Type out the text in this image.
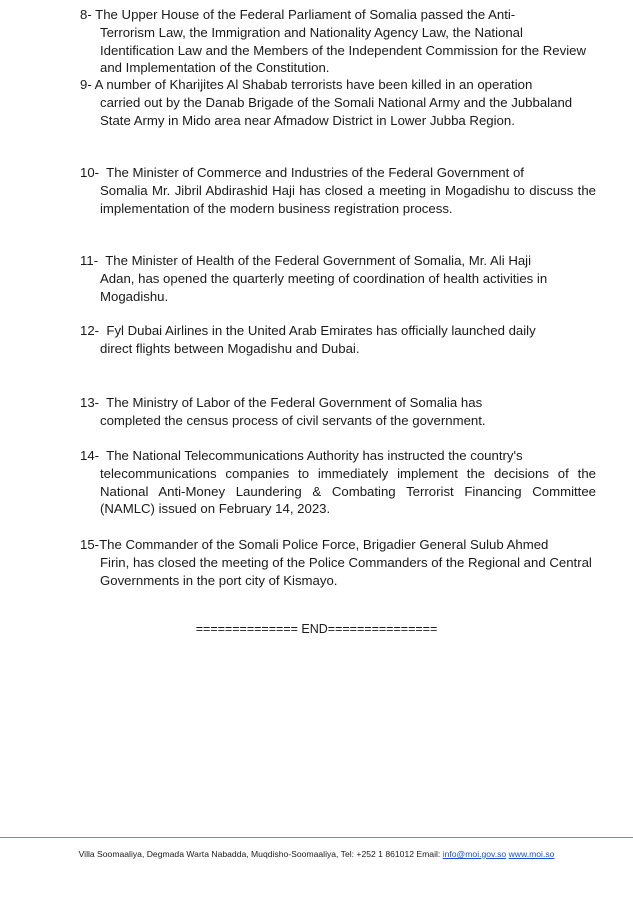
8- The Upper House of the Federal Parliament of Somalia passed the Anti-
Terrorism Law, the Immigration and Nationality Agency Law, the National Identification Law and the Members of the Independent Commission for the Review and Implementation of the Constitution.
9- A number of Kharijites Al Shabab terrorists have been killed in an operation
carried out by the Danab Brigade of the Somali National Army and the Jubbaland State Army in Mido area near Afmadow District in Lower Jubba Region.
10- The Minister of Commerce and Industries of the Federal Government of
Somalia Mr. Jibril Abdirashid Haji has closed a meeting in Mogadishu to discuss the implementation of the modern business registration process.
11- The Minister of Health of the Federal Government of Somalia, Mr. Ali Haji
Adan, has opened the quarterly meeting of coordination of health activities in Mogadishu.
12- Fyl Dubai Airlines in the United Arab Emirates has officially launched daily
direct flights between Mogadishu and Dubai.
13- The Ministry of Labor of the Federal Government of Somalia has
completed the census process of civil servants of the government.
14- The National Telecommunications Authority has instructed the country's
telecommunications companies to immediately implement the decisions of the National Anti-Money Laundering & Combating Terrorist Financing Committee (NAMLC) issued on February 14, 2023.
15-The Commander of the Somali Police Force, Brigadier General Sulub Ahmed
Firin, has closed the meeting of the Police Commanders of the Regional and Central Governments in the port city of Kismayo.
============== END===============
Villa Soomaaliya, Degmada Warta Nabadda, Muqdisho-Soomaaliya, Tel: +252 1 861012 Email: info@moi.gov.so www.moi.so
